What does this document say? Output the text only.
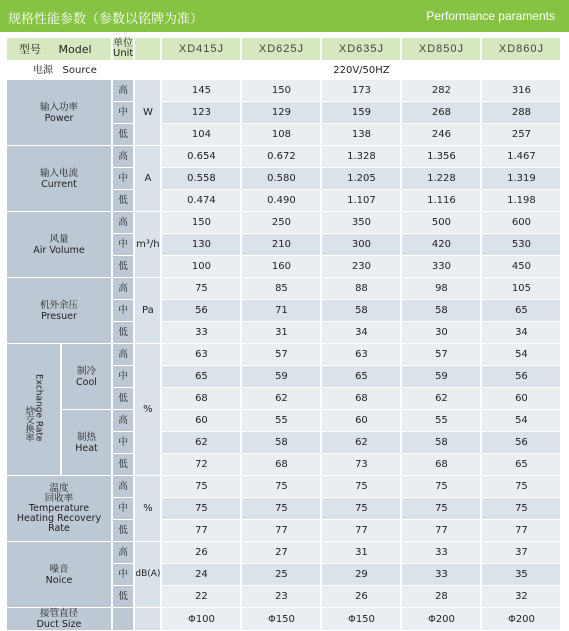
规格性能参数（参数以铭牌为准）	Performance paraments
型号 Model		单位
Unit		XD415J	XD625J	XD635J	XD850J	XD860J
电源 Source				220V/50HZ				
输入功率
Power		高	W	145	150	173	282	316
		中		123	129	159	268	288
		低		104	108	138	246	257
输入电流
Current		高	A	0.654	0.672	1.328	1.356	1.467
		中		0.558	0.580	1.205	1.228	1.319
		低		0.474	0.490	1.107	1.116	1.198
风量
Air Volume		高	m³/h	150	250	350	500	600
		中		130	210	300	420	530
		低		100	160	230	330	450
机外余压
Presuer		高	Pa	75	85	88	98	105
		中		56	71	58	58	65
		低		33	31	34	30	34
焓交换率Exchange Rate	制冷
Cool	高	%	63	57	63	57	54
		中		65	59	65	59	56
		低		68	62	68	62	60
	制热
Heat	高		60	55	60	55	54
		中		62	58	62	58	56
		低		72	68	73	68	65
温度
回收率
Temperature
Heating Recovery Rate		高	%	75	75	75	75	75
		中		75	75	75	75	75
		低		77	77	77	77	77
噪音
Noice		高	dB(A)	26	27	31	33	37
		中		24	25	29	33	35
		低		22	23	26	28	32
接管直径
Duct Size				Φ100	Φ150	Φ150	Φ200	Φ200
